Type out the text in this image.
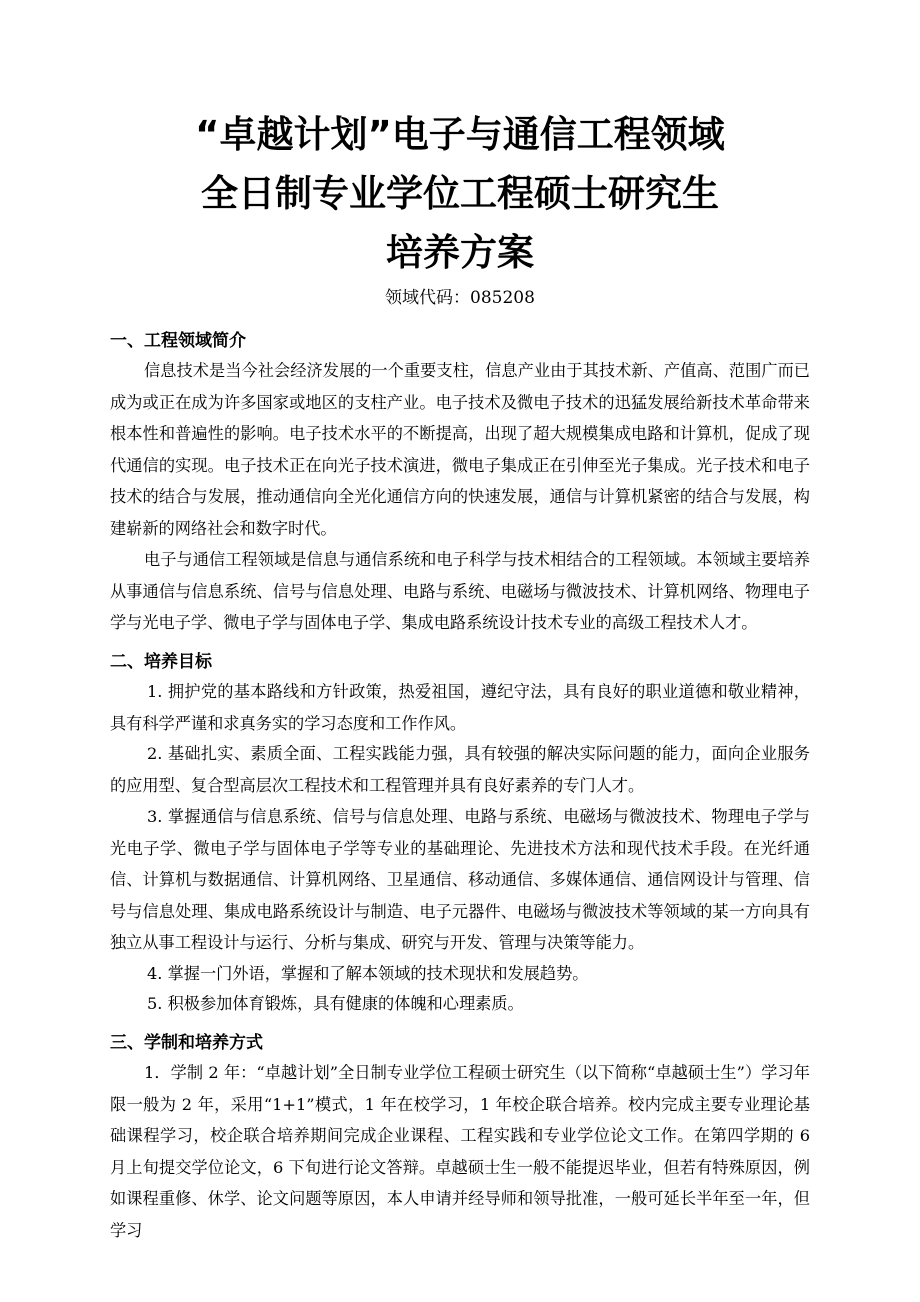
“卓越计划”电子与通信工程领域
全日制专业学位工程硕士研究生
培养方案
领域代码：085208
一、工程领域简介

信息技术是当今社会经济发展的一个重要支柱，信息产业由于其技术新、产值高、范围广而已成为或正在成为许多国家或地区的支柱产业。电子技术及微电子技术的迅猛发展给新技术革命带来根本性和普遍性的影响。电子技术水平的不断提高，出现了超大规模集成电路和计算机，促成了现代通信的实现。电子技术正在向光子技术演进，微电子集成正在引伸至光子集成。光子技术和电子技术的结合与发展，推动通信向全光化通信方向的快速发展，通信与计算机紧密的结合与发展，构建崭新的网络社会和数字时代。

电子与通信工程领域是信息与通信系统和电子科学与技术相结合的工程领域。本领域主要培养从事通信与信息系统、信号与信息处理、电路与系统、电磁场与微波技术、计算机网络、物理电子学与光电子学、微电子学与固体电子学、集成电路系统设计技术专业的高级工程技术人才。

二、培养目标

1. 拥护党的基本路线和方针政策，热爱祖国，遵纪守法，具有良好的职业道德和敬业精神，具有科学严谨和求真务实的学习态度和工作作风。

2. 基础扎实、素质全面、工程实践能力强，具有较强的解决实际问题的能力，面向企业服务的应用型、复合型高层次工程技术和工程管理并具有良好素养的专门人才。

3. 掌握通信与信息系统、信号与信息处理、电路与系统、电磁场与微波技术、物理电子学与光电子学、微电子学与固体电子学等专业的基础理论、先进技术方法和现代技术手段。在光纤通信、计算机与数据通信、计算机网络、卫星通信、移动通信、多媒体通信、通信网设计与管理、信号与信息处理、集成电路系统设计与制造、电子元器件、电磁场与微波技术等领域的某一方向具有独立从事工程设计与运行、分析与集成、研究与开发、管理与决策等能力。

4. 掌握一门外语，掌握和了解本领域的技术现状和发展趋势。

5. 积极参加体育锻炼，具有健康的体魄和心理素质。

三、学制和培养方式

1．学制 2 年：“卓越计划”全日制专业学位工程硕士研究生（以下简称“卓越硕士生”）学习年限一般为 2 年，采用“1+1”模式，1 年在校学习，1 年校企联合培养。校内完成主要专业理论基础课程学习，校企联合培养期间完成企业课程、工程实践和专业学位论文工作。在第四学期的 6 月上旬提交学位论文，6 下旬进行论文答辩。卓越硕士生一般不能提迟毕业，但若有特殊原因，例如课程重修、休学、论文问题等原因，本人申请并经导师和领导批准，一般可延长半年至一年，但学习
